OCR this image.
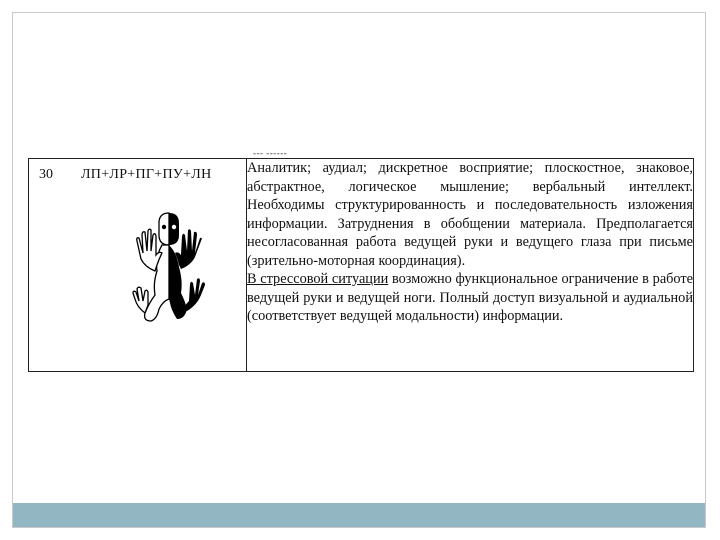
--- ------
30 ЛП+ЛР+ПГ+ПУ+ЛН	Аналитик; аудиал; дискретное восприятие; плоскостное, знаковое, абстрактное, логическое мышление; вербальный интеллект. Необходимы структурированность и последовательность изложения информации. Затруднения в обобщении материала. Предполагается несогласованная работа ведущей руки и ведущего глаза при письме (зрительно-моторная координация).

В стрессовой ситуации возможно функциональное ограничение в работе ведущей руки и ведущей ноги. Полный доступ визуальной и аудиальной (соответствует ведущей модальности) информации.
